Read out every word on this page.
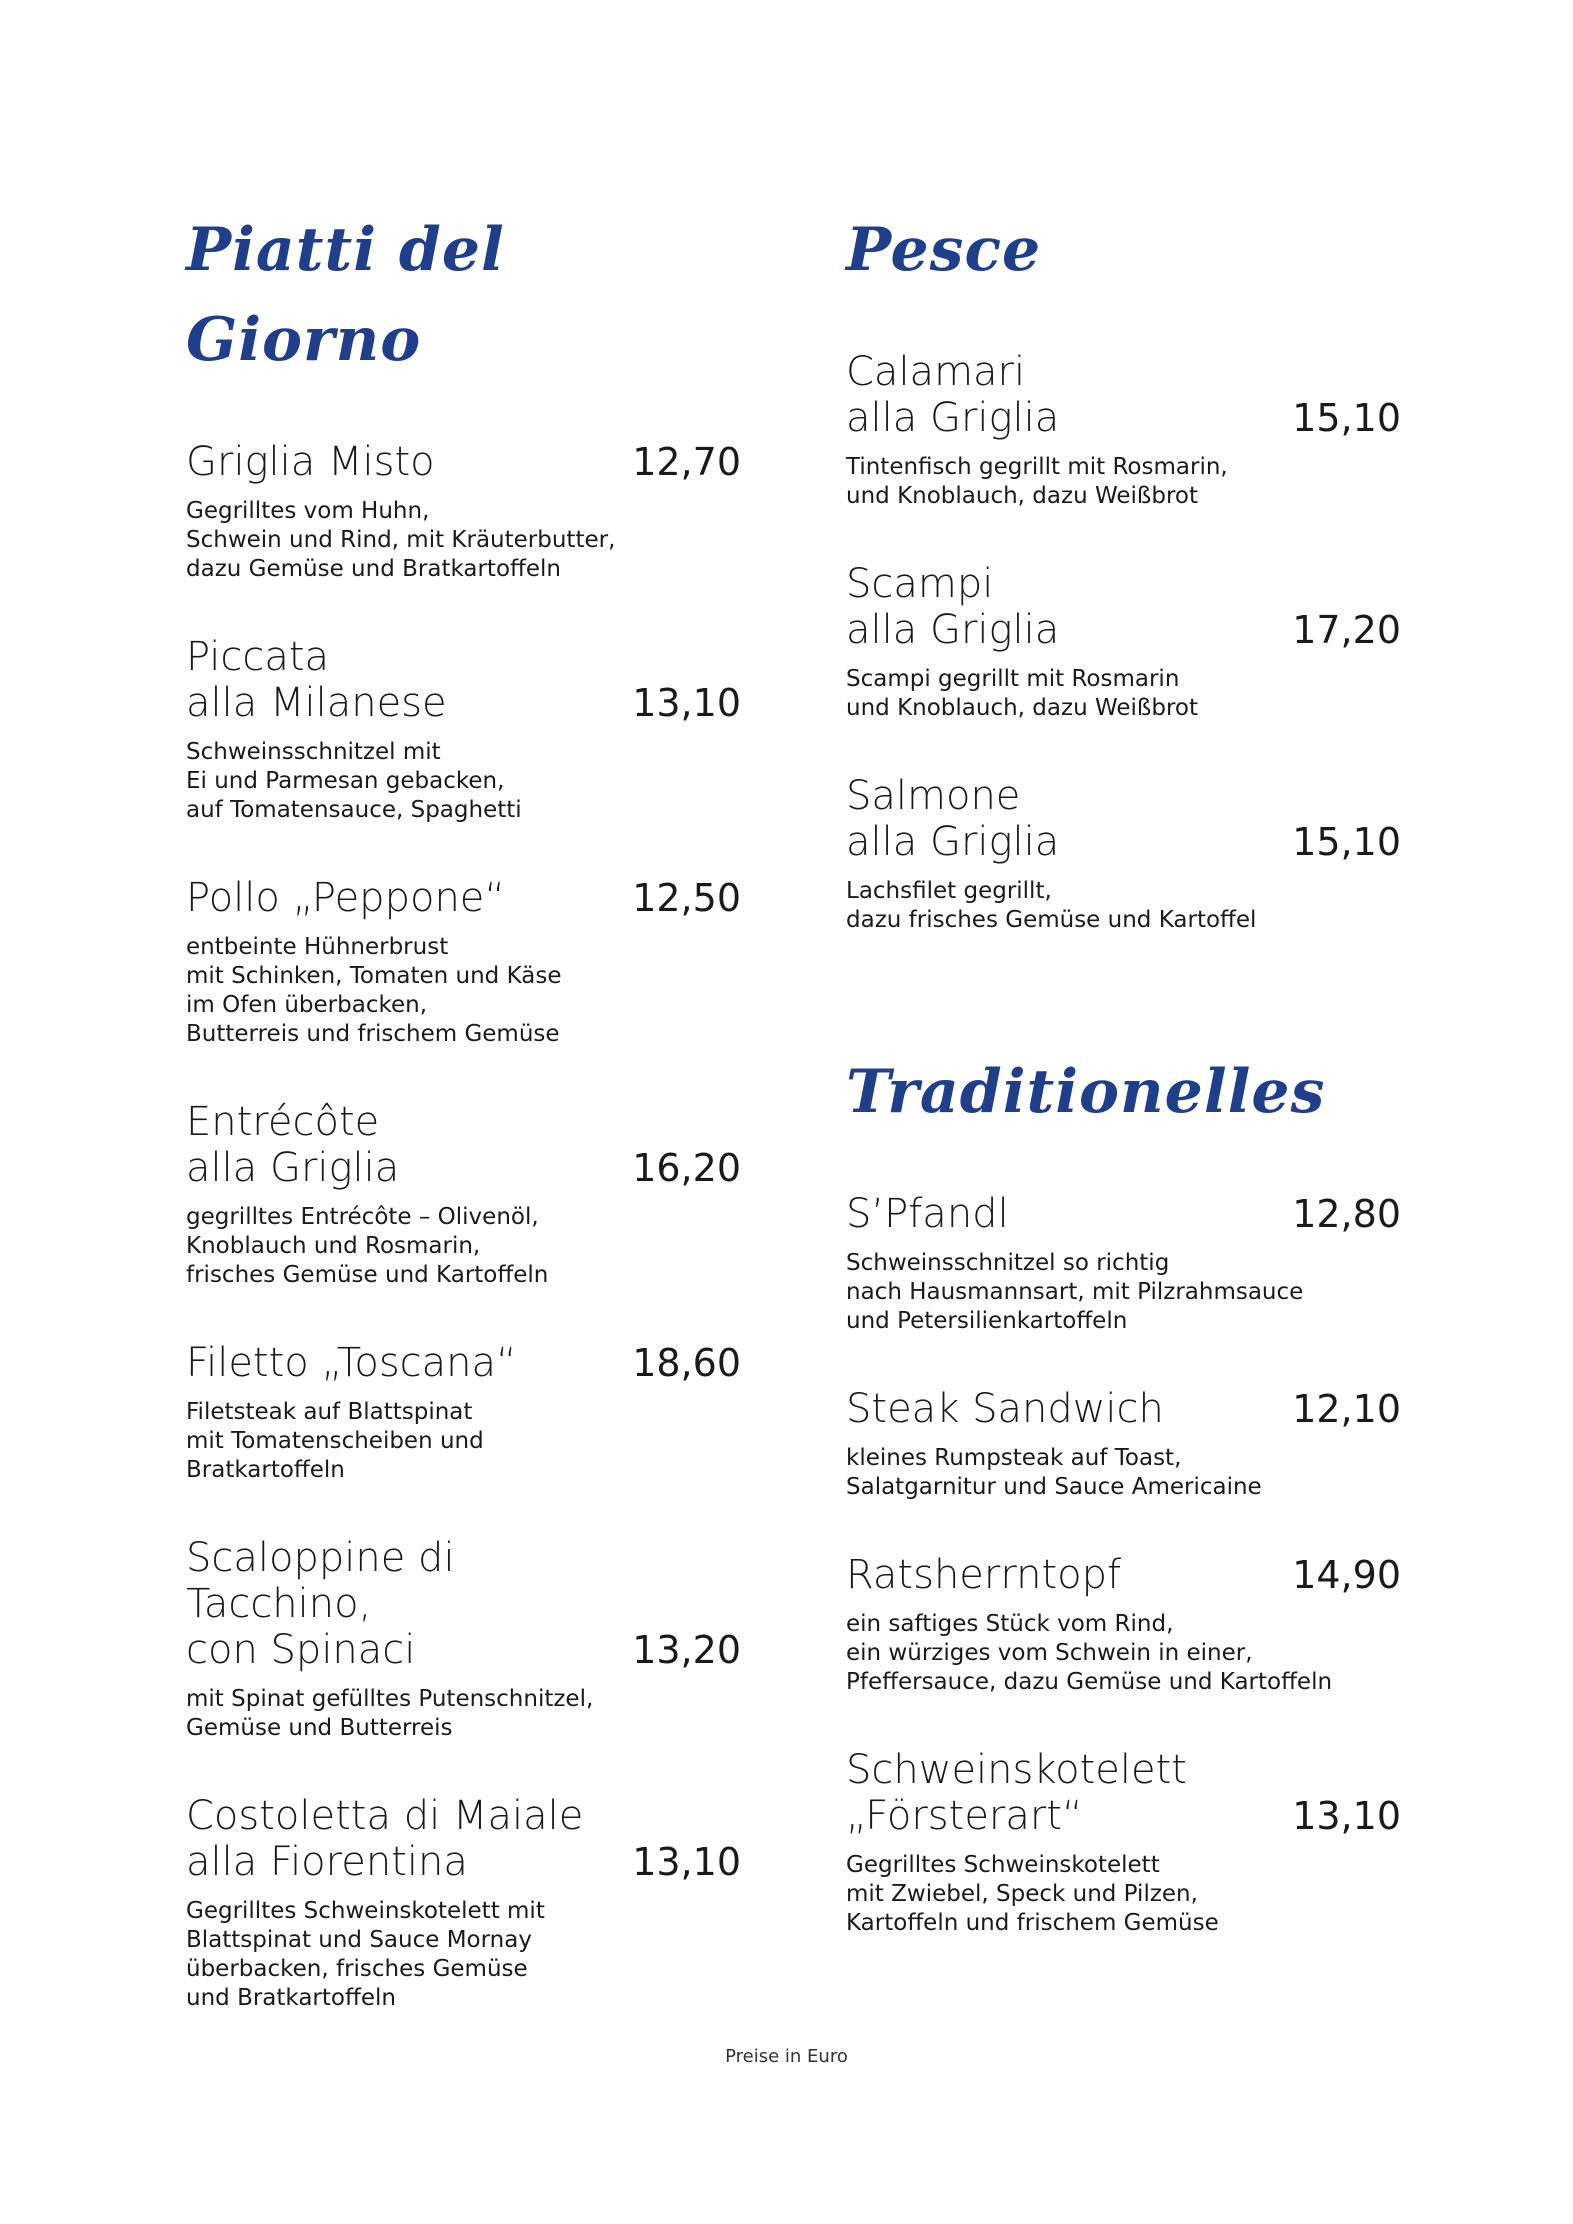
Piatti del Giorno
Griglia Misto	12,70
Gegrilltes vom Huhn,
Schwein und Rind, mit Kräuterbutter,
dazu Gemüse und Bratkartoffeln
Piccata
alla Milanese	13,10
Schweinsschnitzel mit
Ei und Parmesan gebacken,
auf Tomatensauce, Spaghetti
Pollo „Peppone“	12,50
entbeinte Hühnerbrust
mit Schinken, Tomaten und Käse
im Ofen überbacken,
Butterreis und frischem Gemüse
Entrécôte
alla Griglia	16,20
gegrilltes Entrécôte – Olivenöl,
Knoblauch und Rosmarin,
frisches Gemüse und Kartoffeln
Filetto „Toscana“	18,60
Filetsteak auf Blattspinat
mit Tomatenscheiben und
Bratkartoffeln
Scaloppine di Tacchino,
con Spinaci	13,20
mit Spinat gefülltes Putenschnitzel,
Gemüse und Butterreis
Costoletta di Maiale
alla Fiorentina	13,10
Gegrilltes Schweinskotelett mit
Blattspinat und Sauce Mornay
überbacken, frisches Gemüse
und Bratkartoffeln
Pesce
Calamari
alla Griglia	15,10
Tintenfisch gegrillt mit Rosmarin,
und Knoblauch, dazu Weißbrot
Scampi
alla Griglia	17,20
Scampi gegrillt mit Rosmarin
und Knoblauch, dazu Weißbrot
Salmone
alla Griglia	15,10
Lachsfilet gegrillt,
dazu frisches Gemüse und Kartoffel
Traditionelles
S’Pfandl	12,80
Schweinsschnitzel so richtig
nach Hausmannsart, mit Pilzrahmsauce
und Petersilienkartoffeln
Steak Sandwich	12,10
kleines Rumpsteak auf Toast,
Salatgarnitur und Sauce Americaine
Ratsherrntopf	14,90
ein saftiges Stück vom Rind,
ein würziges vom Schwein in einer,
Pfeffersauce, dazu Gemüse und Kartoffeln
Schweinskotelett
„Försterart“	13,10
Gegrilltes Schweinskotelett
mit Zwiebel, Speck und Pilzen,
Kartoffeln und frischem Gemüse
Preise in Euro
